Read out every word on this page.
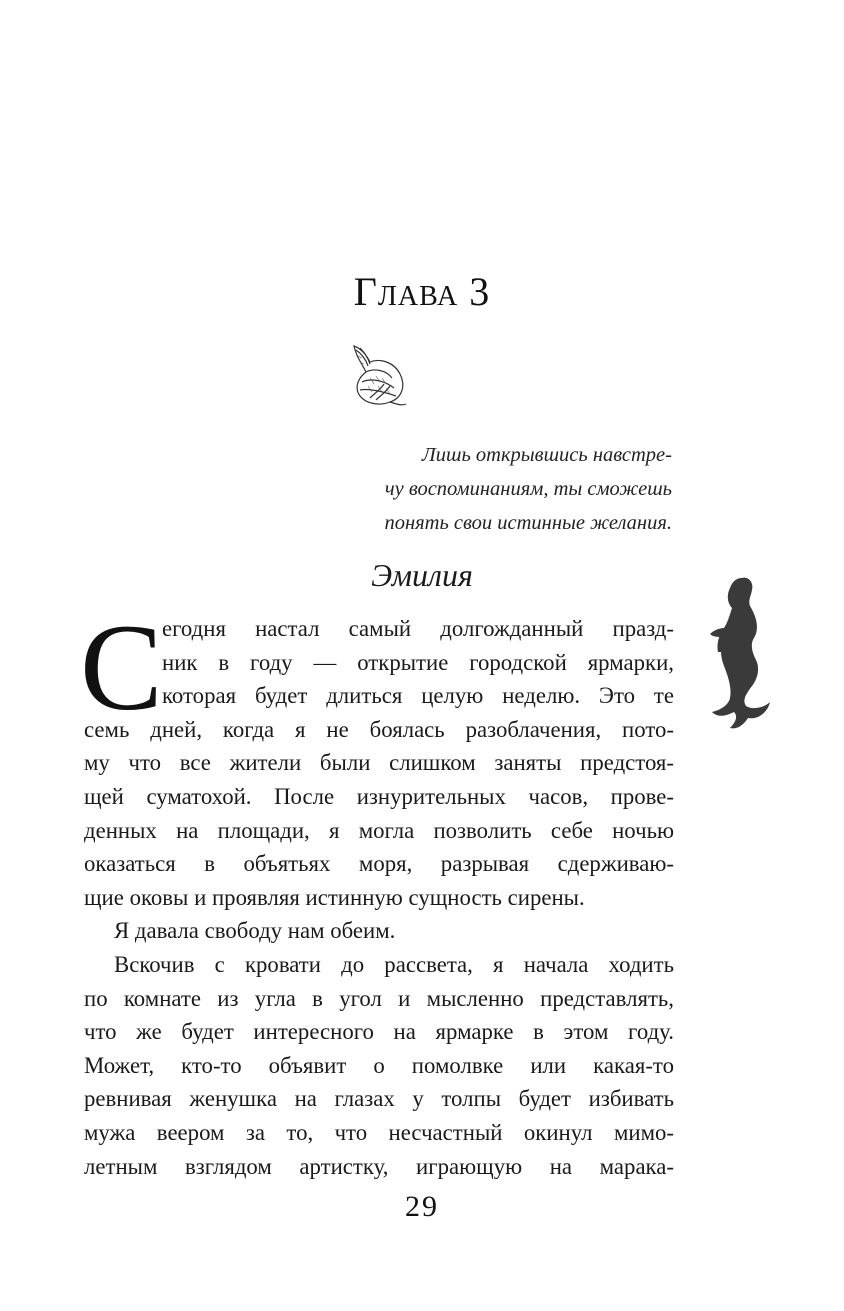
Глава 3
Лишь открывшись навстре-
чу воспоминаниям, ты сможешь
понять свои истинные желания.
Эмилия
С егодня настал самый долгожданный празд-
ник в году — открытие городской ярмарки,
которая будет длиться целую неделю. Это те
семь дней, когда я не боялась разоблачения, пото-
му что все жители были слишком заняты предстоя-
щей суматохой. После изнурительных часов, прове-
денных на площади, я могла позволить себе ночью
оказаться в объятьях моря, разрывая сдерживаю-
щие оковы и проявляя истинную сущность сирены.
Я давала свободу нам обеим.
Вскочив с кровати до рассвета, я начала ходить
по комнате из угла в угол и мысленно представлять,
что же будет интересного на ярмарке в этом году.
Может, кто-то объявит о помолвке или какая-то
ревнивая женушка на глазах у толпы будет избивать
мужа веером за то, что несчастный окинул мимо-
летным взглядом артистку, играющую на марака-
29
